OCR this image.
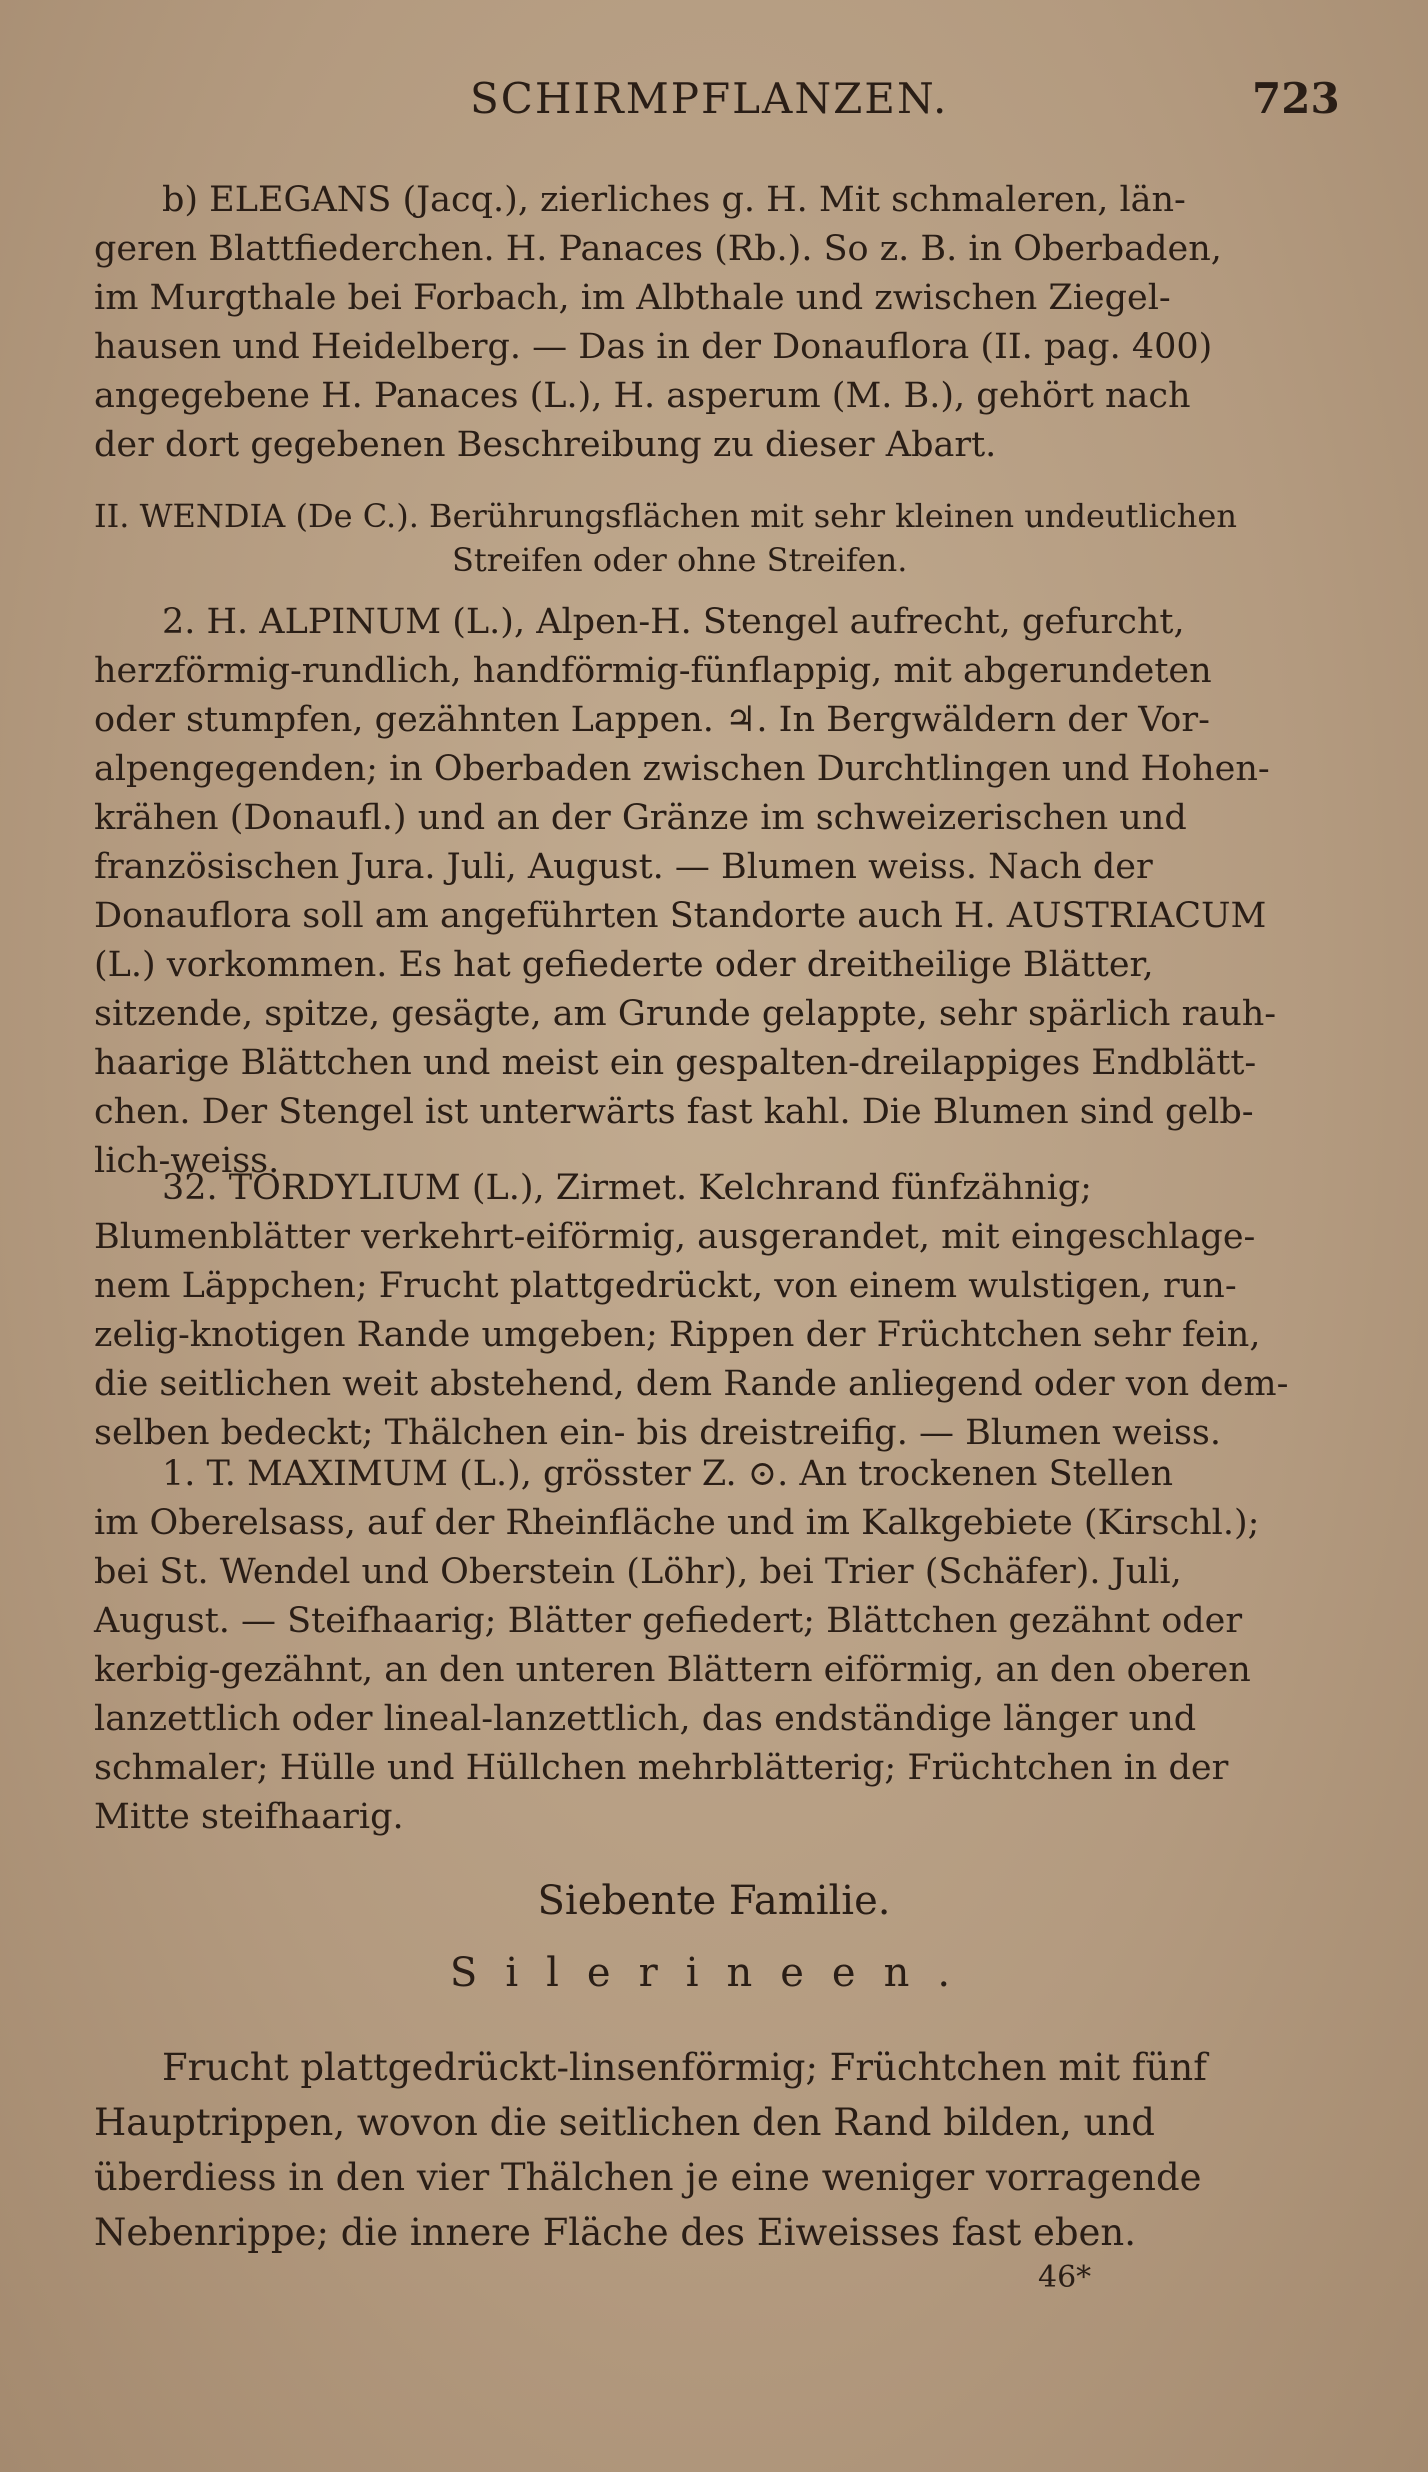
SCHIRMPFLANZEN.	723
b) ELEGANS (Jacq.), zierliches g. H. Mit schmaleren, län-
geren Blattfiederchen. H. Panaces (Rb.). So z. B. in Oberbaden,
im Murgthale bei Forbach, im Albthale und zwischen Ziegel-
hausen und Heidelberg. — Das in der Donauflora (II. pag. 400)
angegebene H. Panaces (L.), H. asperum (M. B.), gehört nach
der dort gegebenen Beschreibung zu dieser Abart.
II. WENDIA (De C.). Berührungsflächen mit sehr kleinen undeutlichen
Streifen oder ohne Streifen.
2. H. ALPINUM (L.), Alpen-H. Stengel aufrecht, gefurcht,
herzförmig-rundlich, handförmig-fünflappig, mit abgerundeten
oder stumpfen, gezähnten Lappen. ♃. In Bergwäldern der Vor-
alpengegenden; in Oberbaden zwischen Durchtlingen und Hohen-
krähen (Donaufl.) und an der Gränze im schweizerischen und
französischen Jura. Juli, August. — Blumen weiss. Nach der
Donauflora soll am angeführten Standorte auch H. AUSTRIACUM
(L.) vorkommen. Es hat gefiederte oder dreitheilige Blätter,
sitzende, spitze, gesägte, am Grunde gelappte, sehr spärlich rauh-
haarige Blättchen und meist ein gespalten-dreilappiges Endblätt-
chen. Der Stengel ist unterwärts fast kahl. Die Blumen sind gelb-
lich-weiss.
32. TORDYLIUM (L.), Zirmet. Kelchrand fünfzähnig;
Blumenblätter verkehrt-eiförmig, ausgerandet, mit eingeschlage-
nem Läppchen; Frucht plattgedrückt, von einem wulstigen, run-
zelig-knotigen Rande umgeben; Rippen der Früchtchen sehr fein,
die seitlichen weit abstehend, dem Rande anliegend oder von dem-
selben bedeckt; Thälchen ein- bis dreistreifig. — Blumen weiss.
1. T. MAXIMUM (L.), grösster Z. ⊙. An trockenen Stellen
im Oberelsass, auf der Rheinfläche und im Kalkgebiete (Kirschl.);
bei St. Wendel und Oberstein (Löhr), bei Trier (Schäfer). Juli,
August. — Steifhaarig; Blätter gefiedert; Blättchen gezähnt oder
kerbig-gezähnt, an den unteren Blättern eiförmig, an den oberen
lanzettlich oder lineal-lanzettlich, das endständige länger und
schmaler; Hülle und Hüllchen mehrblätterig; Früchtchen in der
Mitte steifhaarig.
Siebente Familie.
Silerineen.
Frucht plattgedrückt-linsenförmig; Früchtchen mit fünf
Hauptrippen, wovon die seitlichen den Rand bilden, und
überdiess in den vier Thälchen je eine weniger vorragende
Nebenrippe; die innere Fläche des Eiweisses fast eben.
46*
